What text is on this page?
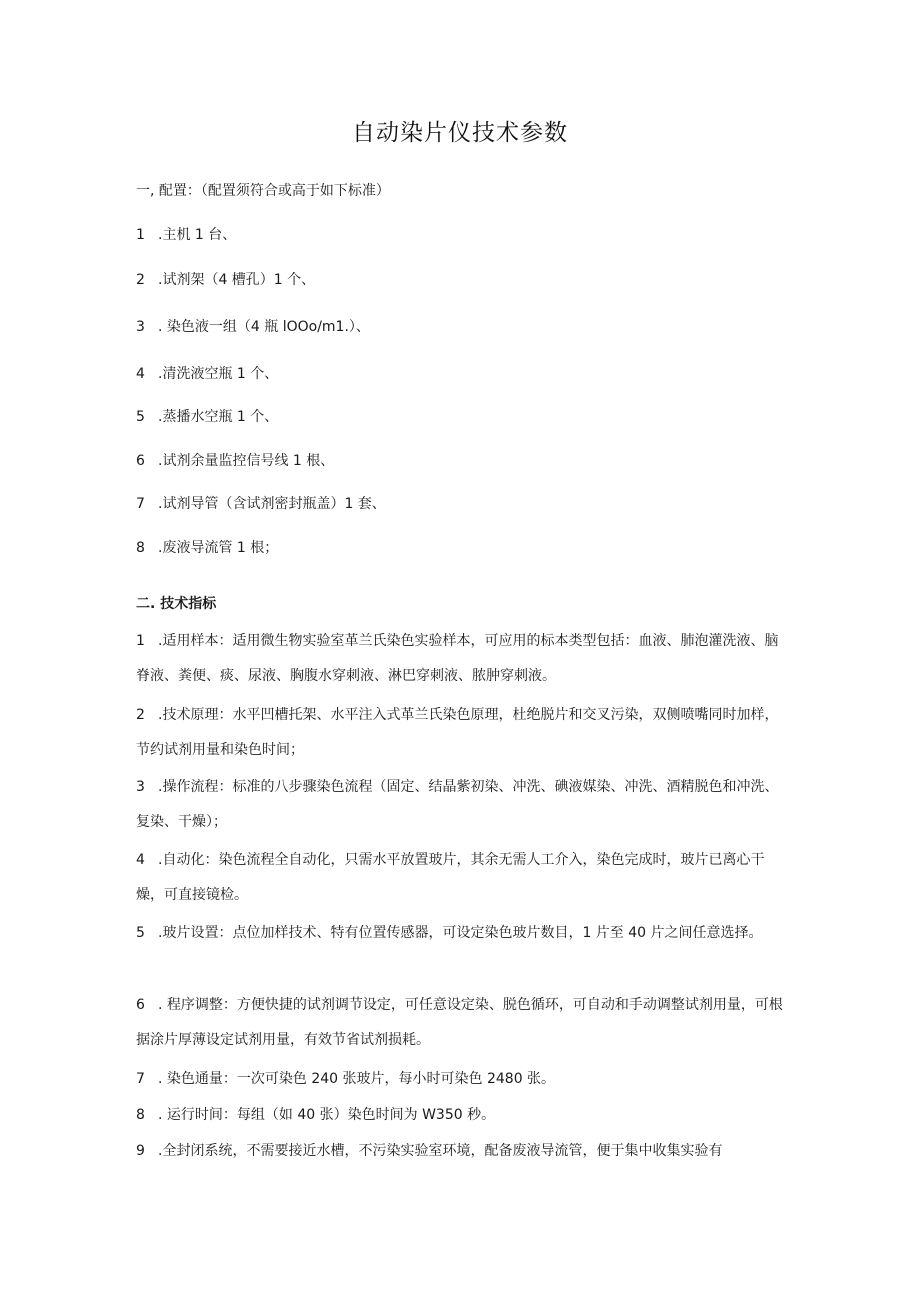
自动染片仪技术参数
一, 配置：（配置须符合或高于如下标准）
1 .主机 1 台、
2 .试剂架（4 槽孔）1 个、
3 . 染色液一组（4 瓶 lOOo/m1.）、
4 .清洗液空瓶 1 个、
5 .蒸播水空瓶 1 个、
6 .试剂余量监控信号线 1 根、
7 .试剂导管（含试剂密封瓶盖）1 套、
8 .废液导流管 1 根；
二. 技术指标
1 .适用样本：适用微生物实验室革兰氏染色实验样本，可应用的标本类型包括：血液、肺泡灌洗液、脑脊液、粪便、痰、尿液、胸腹水穿刺液、淋巴穿刺液、脓肿穿刺液。
2 .技术原理：水平凹槽托架、水平注入式革兰氏染色原理，杜绝脱片和交叉污染，双侧喷嘴同时加样，节约试剂用量和染色时间；
3 .操作流程：标准的八步骤染色流程（固定、结晶紫初染、冲洗、碘液媒染、冲洗、酒精脱色和冲洗、复染、干燥）；
4 .自动化：染色流程全自动化，只需水平放置玻片，其余无需人工介入，染色完成时，玻片已离心干燥，可直接镜检。
5 .玻片设置：点位加样技术、特有位置传感器，可设定染色玻片数目，1 片至 40 片之间任意选择。
6 . 程序调整：方便快捷的试剂调节设定，可任意设定染、脱色循环，可自动和手动调整试剂用量，可根据涂片厚薄设定试剂用量，有效节省试剂损耗。
7 . 染色通量：一次可染色 240 张玻片，每小时可染色 2480 张。
8 . 运行时间：每组（如 40 张）染色时间为 W350 秒。
9 .全封闭系统，不需要接近水槽，不污染实验室环境，配备废液导流管，便于集中收集实验有
